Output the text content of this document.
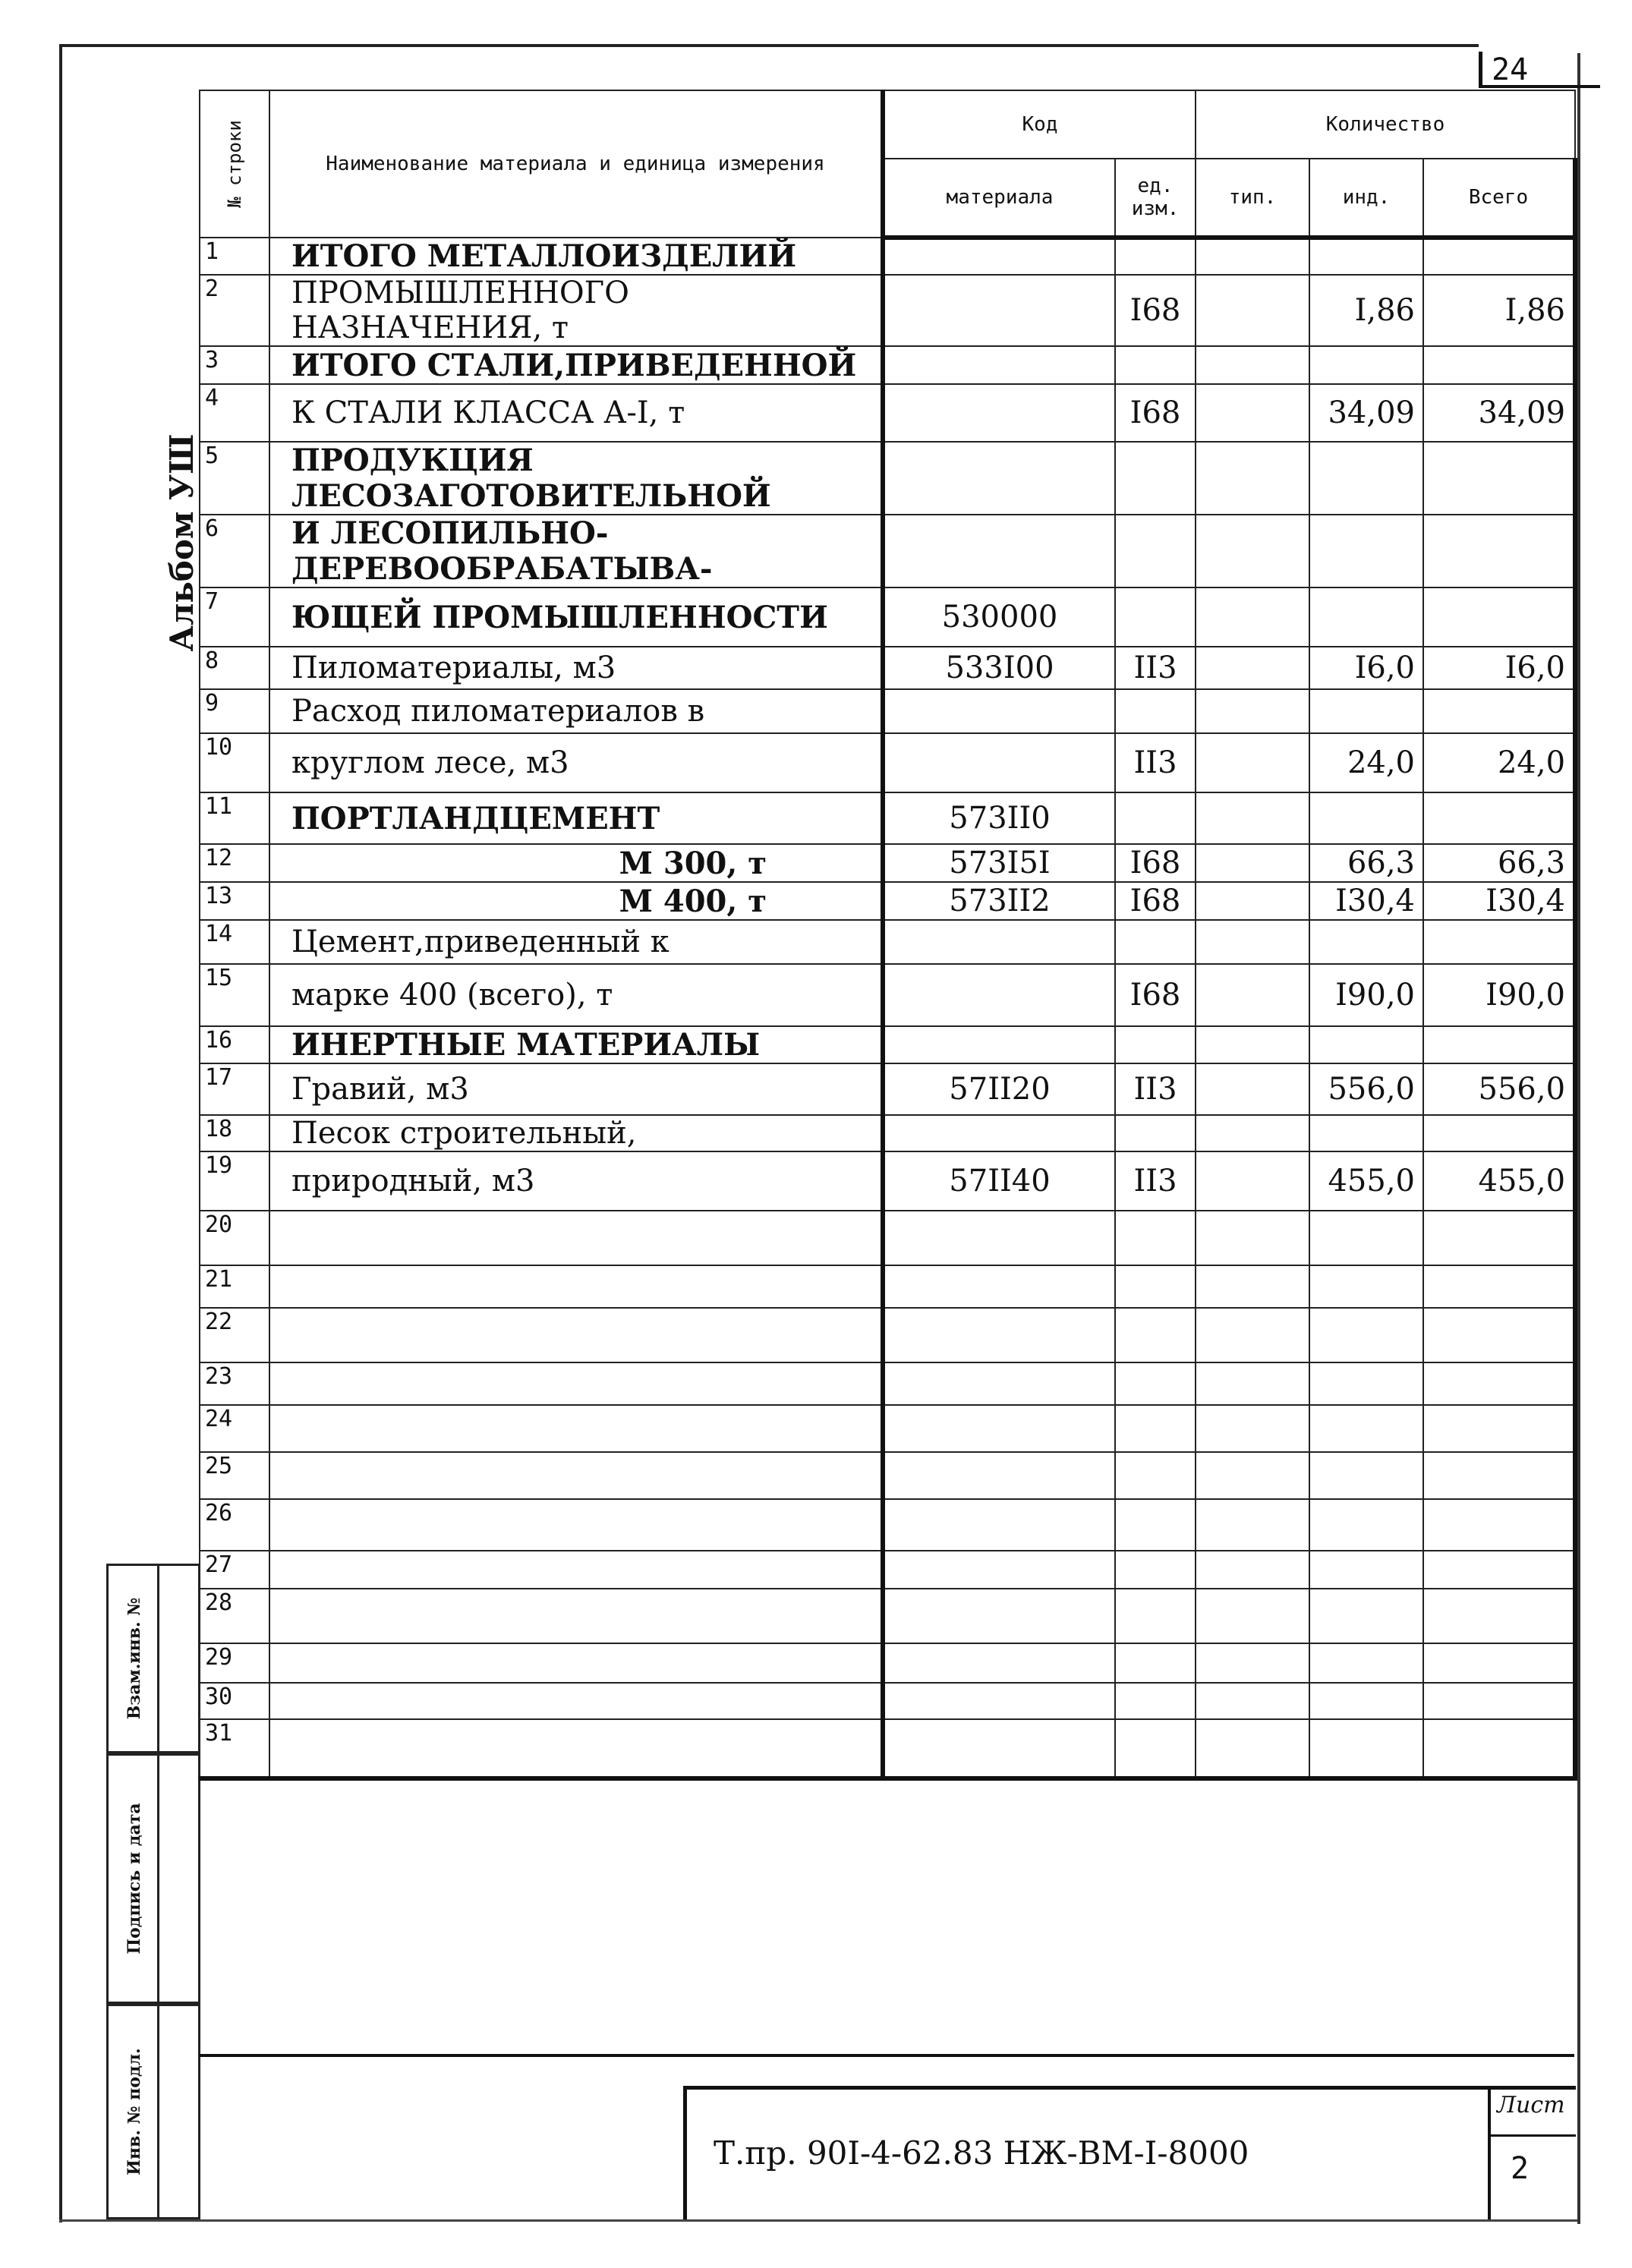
24
Альбом УШ
Взам.инв. №
Подпись и дата
Инв. № подл.
№ строки	Наименование материала и единица измерения	Код		Количество		
		материала	ед. изм.	тип.	инд.	Всего
1	ИТОГО МЕТАЛЛОИЗДЕЛИЙ					
2	ПРОМЫШЛЕННОГО НАЗНАЧЕНИЯ, т		I68		I,86	I,86
3	ИТОГО СТАЛИ,ПРИВЕДЕННОЙ					
4	К СТАЛИ КЛАССА А-I, т		I68		34,09	34,09
5	ПРОДУКЦИЯ ЛЕСОЗАГОТОВИТЕЛЬНОЙ					
6	И ЛЕСОПИЛЬНО-ДЕРЕВООБРАБАТЫВА-					
7	ЮЩЕЙ ПРОМЫШЛЕННОСТИ	530000				
8	Пиломатериалы, м3	533I00	II3		I6,0	I6,0
9	Расход пиломатериалов в					
10	круглом лесе, м3		II3		24,0	24,0
11	ПОРТЛАНДЦЕМЕНТ	573II0				
12	М 300, т	573I5I	I68		66,3	66,3
13	М 400, т	573II2	I68		I30,4	I30,4
14	Цемент,приведенный к					
15	марке 400 (всего), т		I68		I90,0	I90,0
16	ИНЕРТНЫЕ МАТЕРИАЛЫ					
17	Гравий, м3	57II20	II3		556,0	556,0
18	Песок строительный,					
19	природный, м3	57II40	II3		455,0	455,0
20						
21						
22						
23						
24						
25						
26						
27						
28						
29						
30						
31						
Т.пр. 90I-4-62.83 НЖ-ВМ-I-8000
Лист
2
